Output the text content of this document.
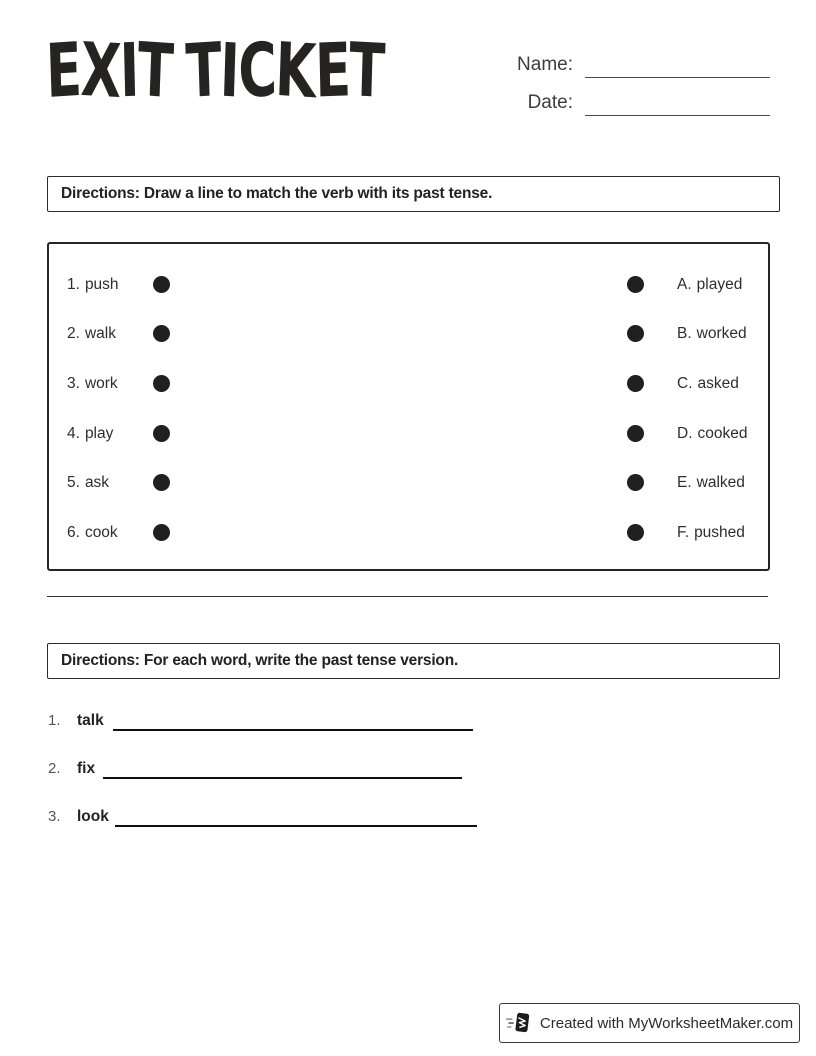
EXIT TICKET	Name:
Date:
Directions: Draw a line to match the verb with its past tense.
1. push	A. played
2. walk	B. worked
3. work	C. asked
4. play	D. cooked
5. ask	E. walked
6. cook	F. pushed
Directions: For each word, write the past tense version.
1. talk
2. fix
3. look
Created with MyWorksheetMaker.com
